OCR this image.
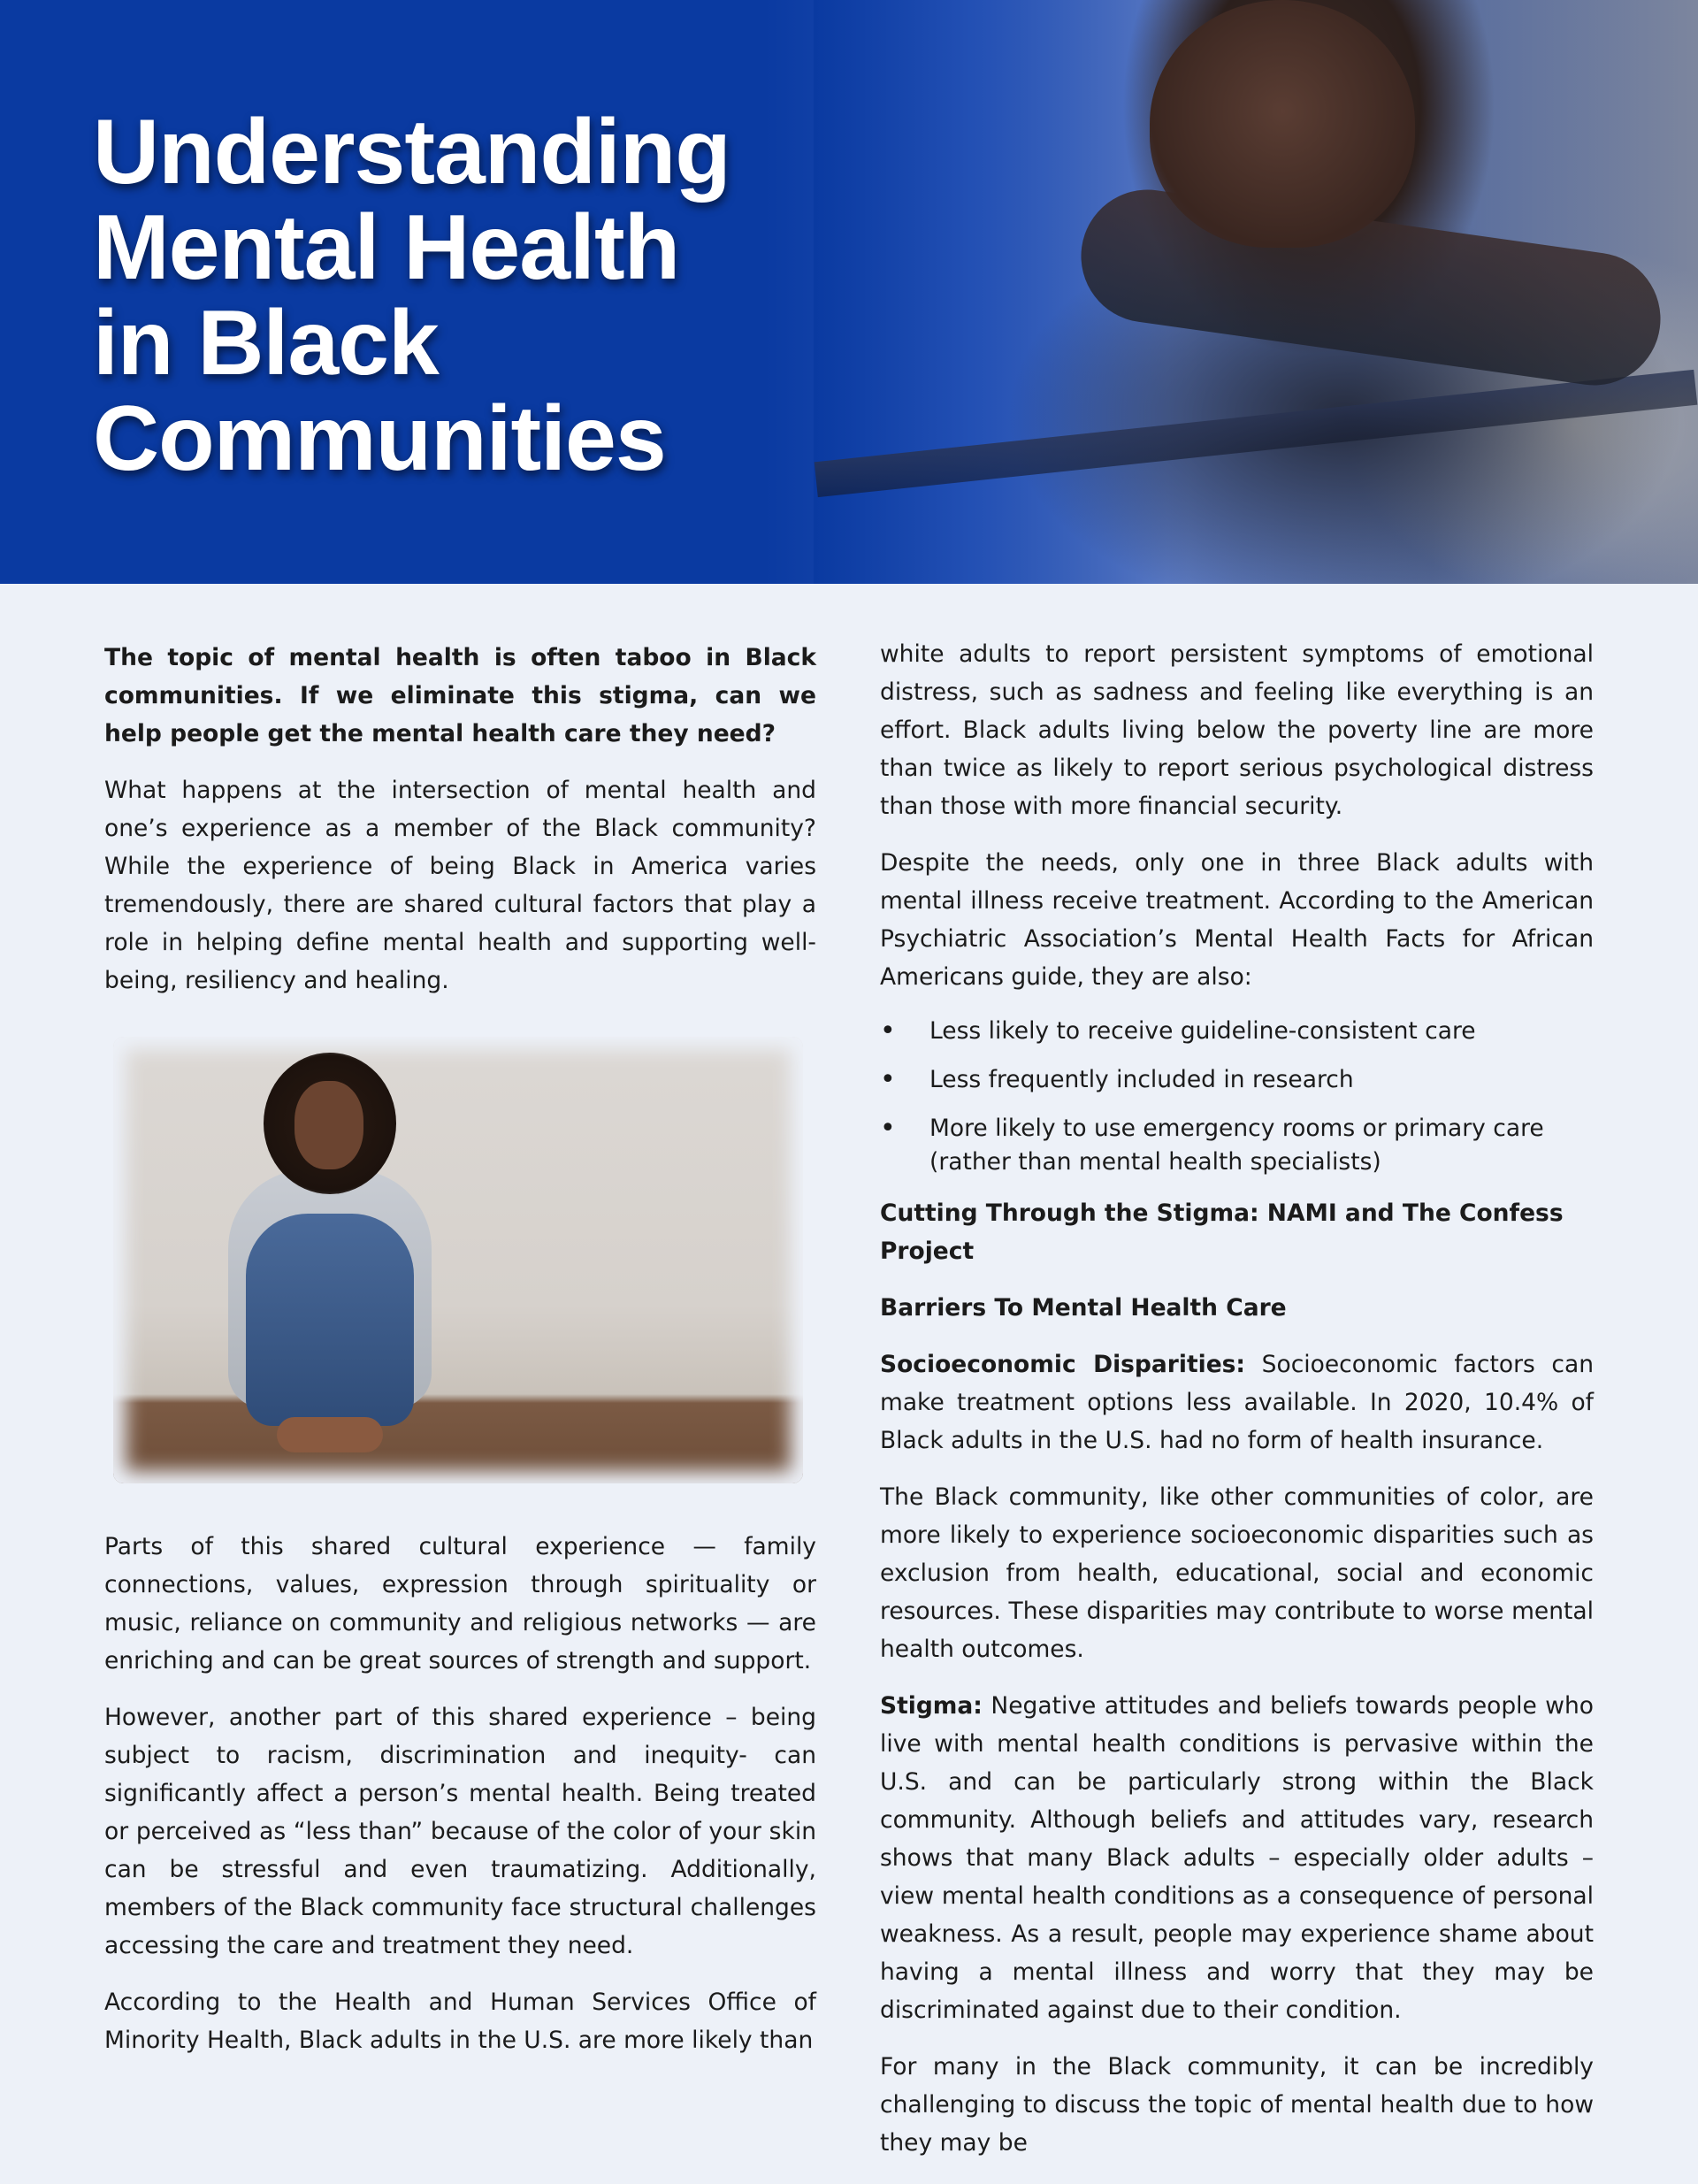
Understanding
Mental Health
in Black
Communities

The topic of mental health is often taboo in Black communities. If we eliminate this stigma, can we help people get the mental health care they need?

What happens at the intersection of mental health and one’s experience as a member of the Black community? While the experience of being Black in America varies tremendously, there are shared cultural factors that play a role in helping define mental health and supporting well-being, resiliency and healing.

Parts of this shared cultural experience — family connections, values, expression through spirituality or music, reliance on community and religious networks — are enriching and can be great sources of strength and support.

However, another part of this shared experience – being subject to racism, discrimination and inequity- can significantly affect a person’s mental health. Being treated or perceived as “less than” because of the color of your skin can be stressful and even traumatizing. Additionally, members of the Black community face structural challenges accessing the care and treatment they need.

According to the Health and Human Services Office of Minority Health, Black adults in the U.S. are more likely than

white adults to report persistent symptoms of emotional distress, such as sadness and feeling like everything is an effort. Black adults living below the poverty line are more than twice as likely to report serious psychological distress than those with more financial security.

Despite the needs, only one in three Black adults with mental illness receive treatment. According to the American Psychiatric Association’s Mental Health Facts for African Americans guide, they are also:

• Less likely to receive guideline-consistent care
• Less frequently included in research
• More likely to use emergency rooms or primary care (rather than mental health specialists)

Cutting Through the Stigma: NAMI and The Confess Project

Barriers To Mental Health Care

Socioeconomic Disparities: Socioeconomic factors can make treatment options less available. In 2020, 10.4% of Black adults in the U.S. had no form of health insurance.

The Black community, like other communities of color, are more likely to experience socioeconomic disparities such as exclusion from health, educational, social and economic resources. These disparities may contribute to worse mental health outcomes.

Stigma: Negative attitudes and beliefs towards people who live with mental health conditions is pervasive within the U.S. and can be particularly strong within the Black community. Although beliefs and attitudes vary, research shows that many Black adults – especially older adults – view mental health conditions as a consequence of personal weakness. As a result, people may experience shame about having a mental illness and worry that they may be discriminated against due to their condition.

For many in the Black community, it can be incredibly challenging to discuss the topic of mental health due to how they may be
